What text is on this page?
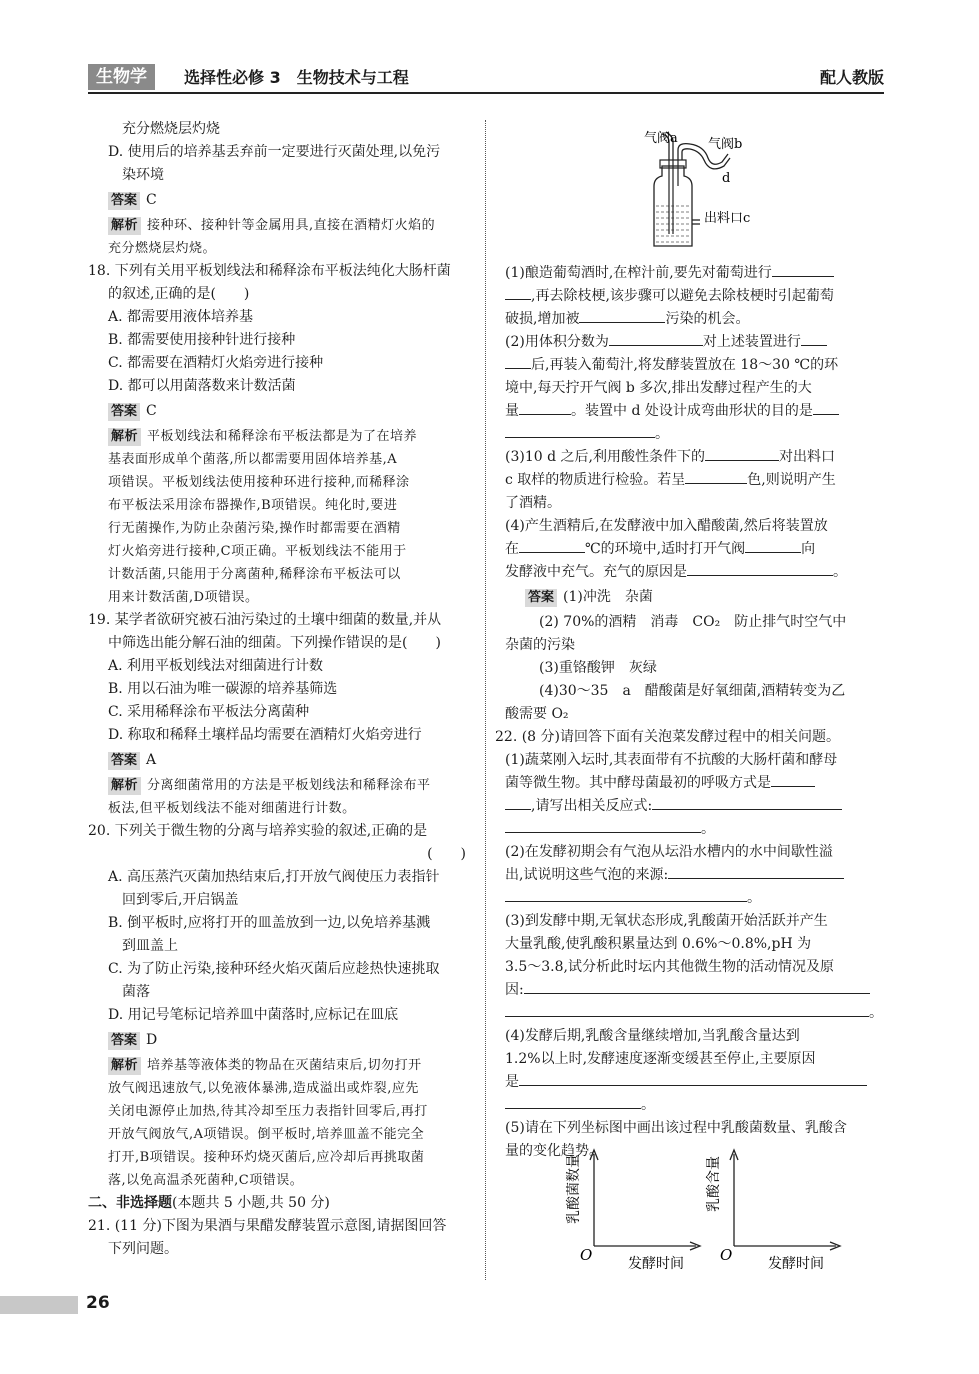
生物学	选择性必修 3　生物技术与工程	配人教版

充分燃烧层灼烧

D. 使用后的培养基丢弃前一定要进行灭菌处理,以免污

染环境

答案 C

解析 接种环、接种针等金属用具,直接在酒精灯火焰的

充分燃烧层灼烧。

18. 下列有关用平板划线法和稀释涂布平板法纯化大肠杆菌

的叙述,正确的是(　　)

A. 都需要用液体培养基

B. 都需要使用接种针进行接种

C. 都需要在酒精灯火焰旁进行接种

D. 都可以用菌落数来计数活菌

答案 C

解析 平板划线法和稀释涂布平板法都是为了在培养

基表面形成单个菌落,所以都需要用固体培养基,A

项错误。平板划线法使用接种环进行接种,而稀释涂

布平板法采用涂布器操作,B项错误。纯化时,要进

行无菌操作,为防止杂菌污染,操作时都需要在酒精

灯火焰旁进行接种,C项正确。平板划线法不能用于

计数活菌,只能用于分离菌种,稀释涂布平板法可以

用来计数活菌,D项错误。

19. 某学者欲研究被石油污染过的土壤中细菌的数量,并从

中筛选出能分解石油的细菌。下列操作错误的是(　　)

A. 利用平板划线法对细菌进行计数

B. 用以石油为唯一碳源的培养基筛选

C. 采用稀释涂布平板法分离菌种

D. 称取和稀释土壤样品均需要在酒精灯火焰旁进行

答案 A

解析 分离细菌常用的方法是平板划线法和稀释涂布平

板法,但平板划线法不能对细菌进行计数。

20. 下列关于微生物的分离与培养实验的叙述,正确的是

(　　)

A. 高压蒸汽灭菌加热结束后,打开放气阀使压力表指针

回到零后,开启锅盖

B. 倒平板时,应将打开的皿盖放到一边,以免培养基溅

到皿盖上

C. 为了防止污染,接种环经火焰灭菌后应趁热快速挑取

菌落

D. 用记号笔标记培养皿中菌落时,应标记在皿底

答案 D

解析 培养基等液体类的物品在灭菌结束后,切勿打开

放气阀迅速放气,以免液体暴沸,造成溢出或炸裂,应先

关闭电源停止加热,待其冷却至压力表指针回零后,再打

开放气阀放气,A项错误。倒平板时,培养皿盖不能完全

打开,B项错误。接种环灼烧灭菌后,应冷却后再挑取菌

落,以免高温杀死菌种,C项错误。

二、非选择题(本题共 5 小题,共 50 分)

21. (11 分)下图为果酒与果醋发酵装置示意图,请据图回答

下列问题。

气阀a 气阀b
d
出料口c

(1)酿造葡萄酒时,在榨汁前,要先对葡萄进行

,再去除枝梗,该步骤可以避免去除枝梗时引起葡萄

破损,增加被	污染的机会。

(2)用体积分数为	对上述装置进行

后,再装入葡萄汁,将发酵装置放在 18～30 ℃的环

境中,每天拧开气阀 b 多次,排出发酵过程产生的大

量	。装置中 d 处设计成弯曲形状的目的是

。

(3)10 d 之后,利用酸性条件下的	对出料口

c 取样的物质进行检验。若呈	色,则说明产生

了酒精。

(4)产生酒精后,在发酵液中加入醋酸菌,然后将装置放

在	℃的环境中,适时打开气阀	向

发酵液中充气。充气的原因是	。

答案 (1)冲洗　杂菌

(2) 70%的酒精　消毒　CO₂　防止排气时空气中

杂菌的污染

(3)重铬酸钾　灰绿

(4)30～35　a　醋酸菌是好氧细菌,酒精转变为乙

酸需要 O₂

22. (8 分)请回答下面有关泡菜发酵过程中的相关问题。

(1)蔬菜刚入坛时,其表面带有不抗酸的大肠杆菌和酵母

菌等微生物。其中酵母菌最初的呼吸方式是

,请写出相关反应式:

。

(2)在发酵初期会有气泡从坛沿水槽内的水中间歇性溢

出,试说明这些气泡的来源:

。

(3)到发酵中期,无氧状态形成,乳酸菌开始活跃并产生

大量乳酸,使乳酸积累量达到 0.6%～0.8%,pH 为

3.5～3.8,试分析此时坛内其他微生物的活动情况及原

因:

。

(4)发酵后期,乳酸含量继续增加,当乳酸含量达到

1.2%以上时,发酵速度逐渐变缓甚至停止,主要原因

是

。

(5)请在下列坐标图中画出该过程中乳酸菌数量、乳酸含

量的变化趋势。

乳酸菌数量
O	发酵时间
乳酸含量
O	发酵时间
26
